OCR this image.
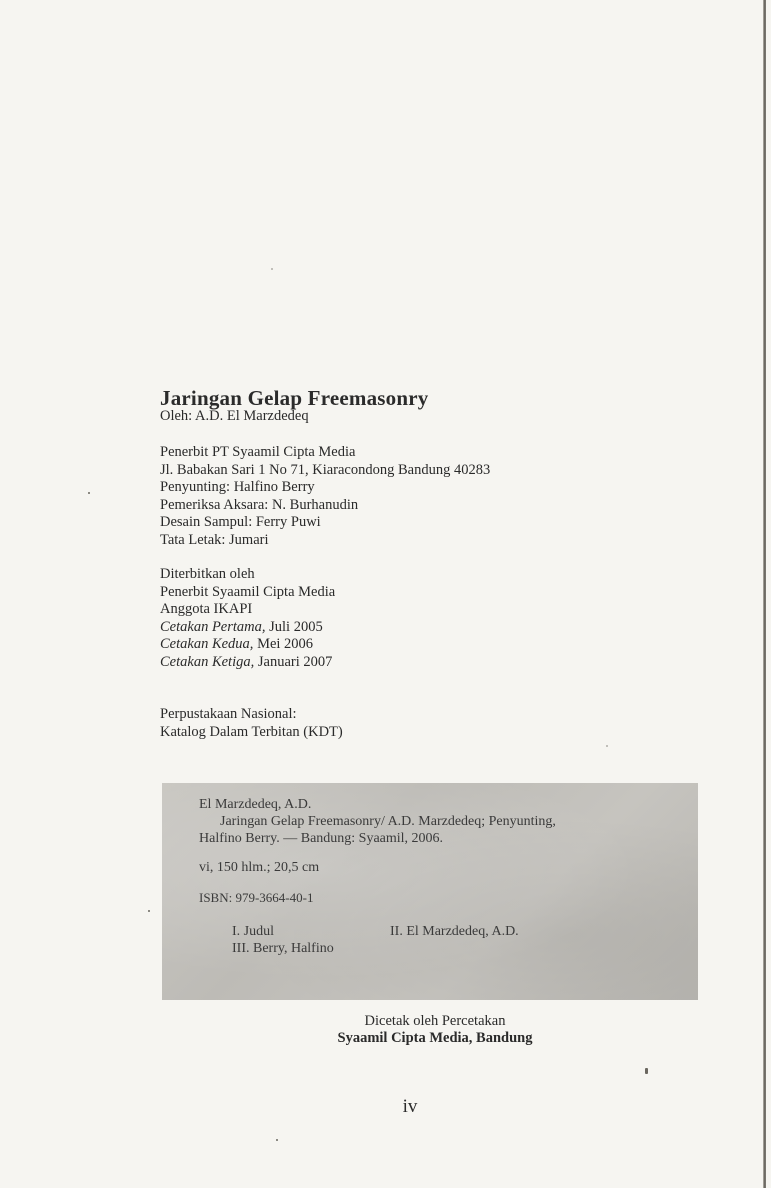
Jaringan Gelap Freemasonry
Oleh: A.D. El Marzdedeq
Penerbit PT Syaamil Cipta Media
Jl. Babakan Sari 1 No 71, Kiaracondong Bandung 40283
Penyunting: Halfino Berry
Pemeriksa Aksara: N. Burhanudin
Desain Sampul: Ferry Puwi
Tata Letak: Jumari
Diterbitkan oleh
Penerbit Syaamil Cipta Media
Anggota IKAPI
Cetakan Pertama, Juli 2005
Cetakan Kedua, Mei 2006
Cetakan Ketiga, Januari 2007
Perpustakaan Nasional:
Katalog Dalam Terbitan (KDT)
El Marzdedeq, A.D.
Jaringan Gelap Freemasonry/ A.D. Marzdedeq; Penyunting,
Halfino Berry. — Bandung: Syaamil, 2006.
vi, 150 hlm.; 20,5 cm
ISBN: 979-3664-40-1
I. Judul	II. El Marzdedeq, A.D.
III. Berry, Halfino
Dicetak oleh Percetakan
Syaamil Cipta Media, Bandung
iv
